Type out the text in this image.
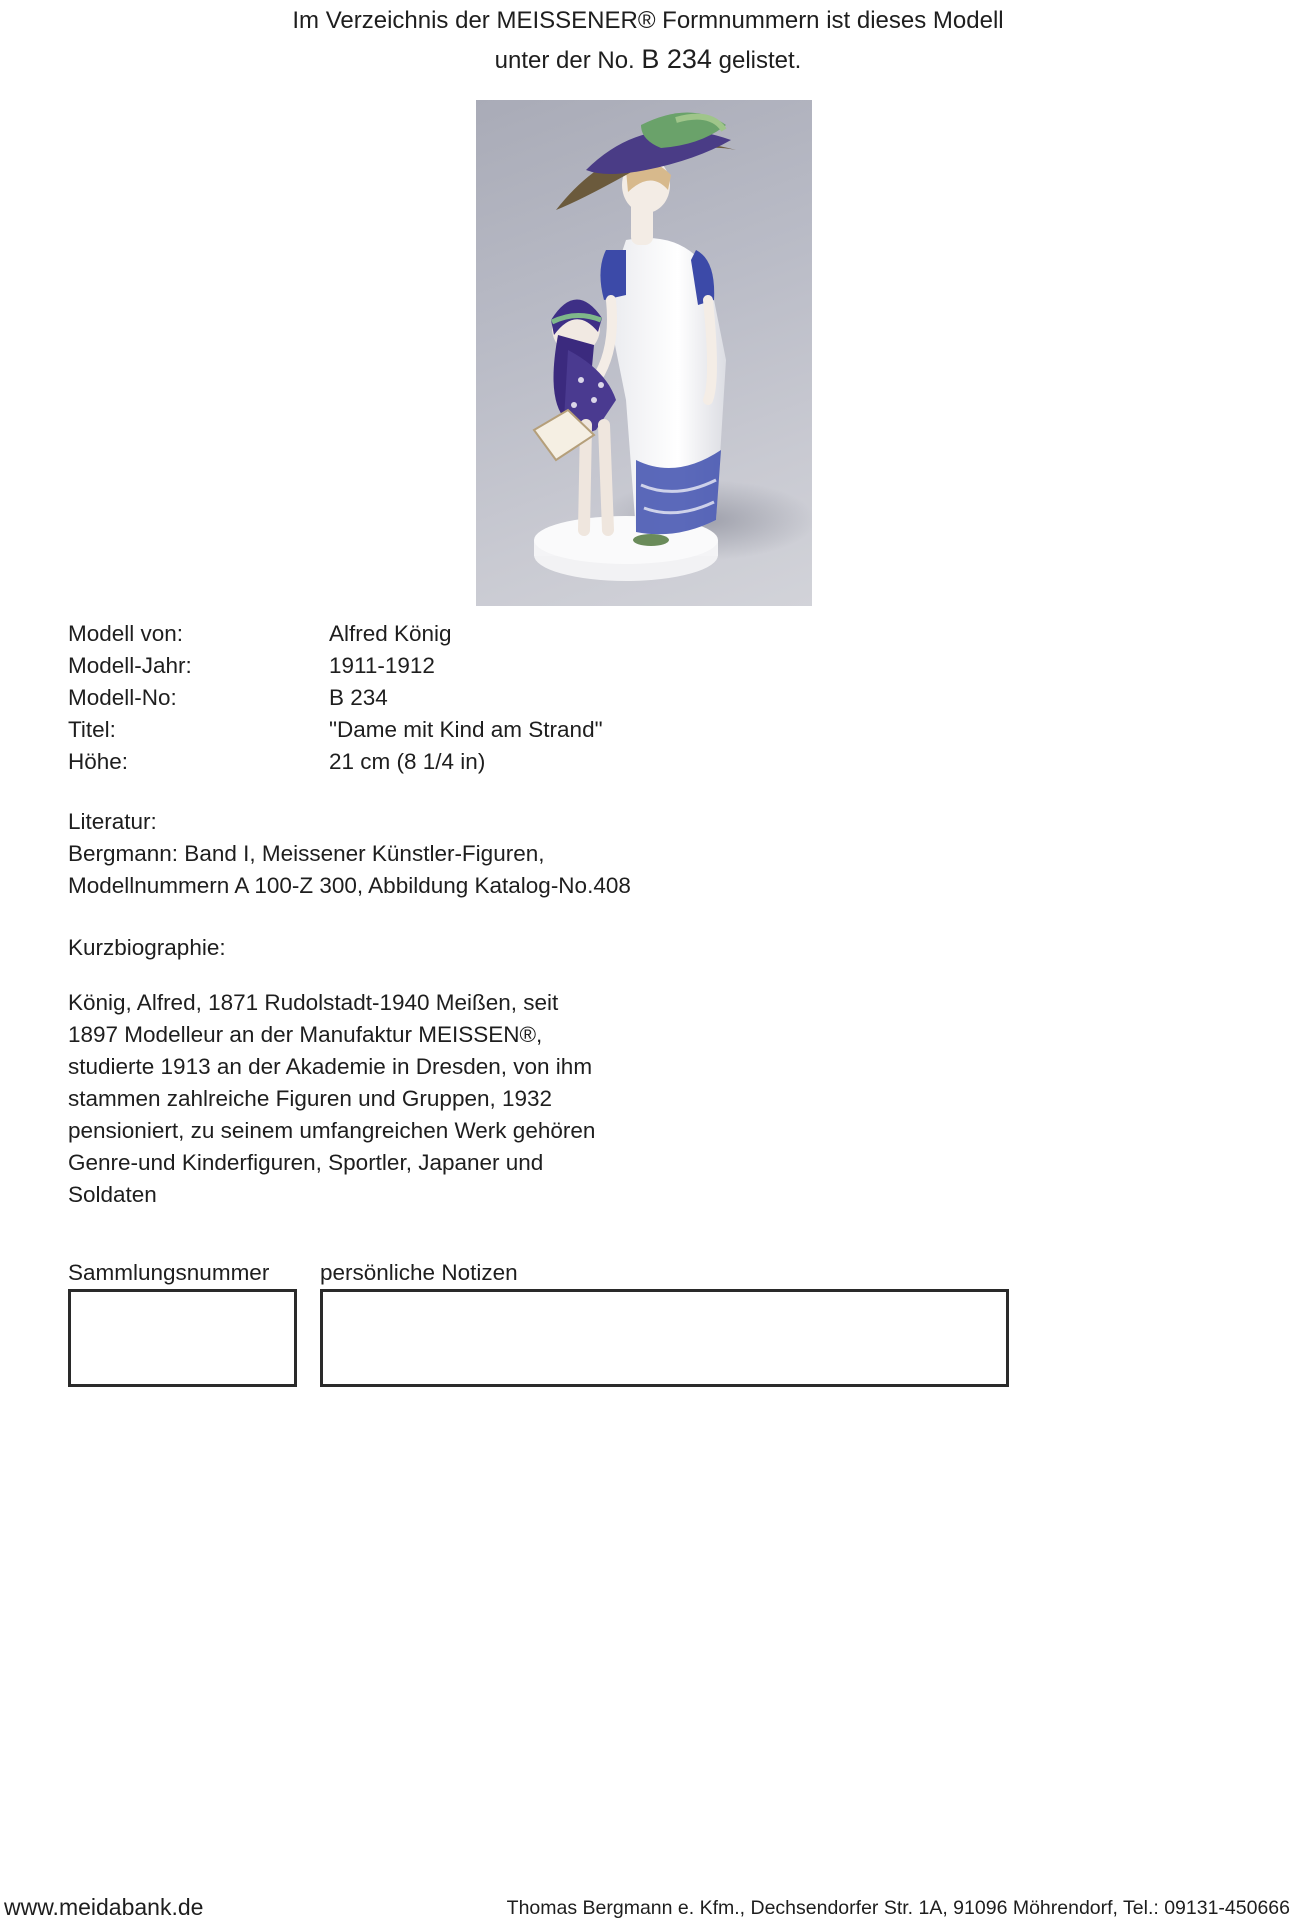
Im Verzeichnis der MEISSENER® Formnummern ist dieses Modell
unter der No. B 234 gelistet.
Modell von:	Alfred König
Modell-Jahr:	1911-1912
Modell-No:	B 234
Titel:	"Dame mit Kind am Strand"
Höhe:	21 cm (8 1/4 in)
Literatur:
Bergmann: Band I, Meissener Künstler-Figuren,
Modellnummern A 100-Z 300, Abbildung Katalog-No.408
Kurzbiographie:
König, Alfred, 1871 Rudolstadt-1940 Meißen, seit
1897 Modelleur an der Manufaktur MEISSEN®,
studierte 1913 an der Akademie in Dresden, von ihm
stammen zahlreiche Figuren und Gruppen, 1932
pensioniert, zu seinem umfangreichen Werk gehören
Genre-und Kinderfiguren, Sportler, Japaner und
Soldaten
Sammlungsnummer persönliche Notizen
www.meidabank.de	Thomas Bergmann e. Kfm., Dechsendorfer Str. 1A, 91096 Möhrendorf, Tel.: 09131-450666
